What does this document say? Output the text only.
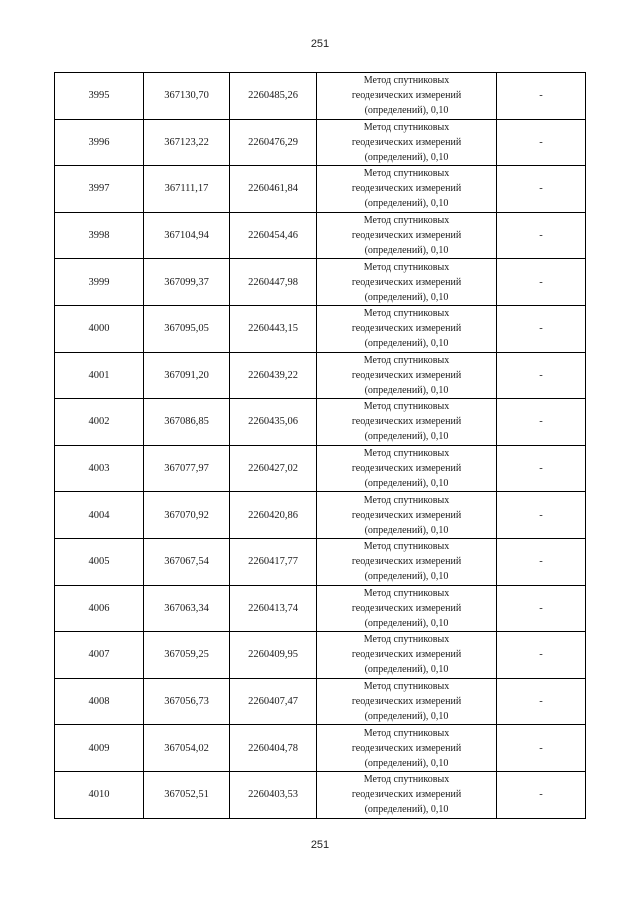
251
3995	367130,70	2260485,26	Метод спутниковых
геодезических измерений
(определений), 0,10	-
3996	367123,22	2260476,29	Метод спутниковых
геодезических измерений
(определений), 0,10	-
3997	367111,17	2260461,84	Метод спутниковых
геодезических измерений
(определений), 0,10	-
3998	367104,94	2260454,46	Метод спутниковых
геодезических измерений
(определений), 0,10	-
3999	367099,37	2260447,98	Метод спутниковых
геодезических измерений
(определений), 0,10	-
4000	367095,05	2260443,15	Метод спутниковых
геодезических измерений
(определений), 0,10	-
4001	367091,20	2260439,22	Метод спутниковых
геодезических измерений
(определений), 0,10	-
4002	367086,85	2260435,06	Метод спутниковых
геодезических измерений
(определений), 0,10	-
4003	367077,97	2260427,02	Метод спутниковых
геодезических измерений
(определений), 0,10	-
4004	367070,92	2260420,86	Метод спутниковых
геодезических измерений
(определений), 0,10	-
4005	367067,54	2260417,77	Метод спутниковых
геодезических измерений
(определений), 0,10	-
4006	367063,34	2260413,74	Метод спутниковых
геодезических измерений
(определений), 0,10	-
4007	367059,25	2260409,95	Метод спутниковых
геодезических измерений
(определений), 0,10	-
4008	367056,73	2260407,47	Метод спутниковых
геодезических измерений
(определений), 0,10	-
4009	367054,02	2260404,78	Метод спутниковых
геодезических измерений
(определений), 0,10	-
4010	367052,51	2260403,53	Метод спутниковых
геодезических измерений
(определений), 0,10	-
251
